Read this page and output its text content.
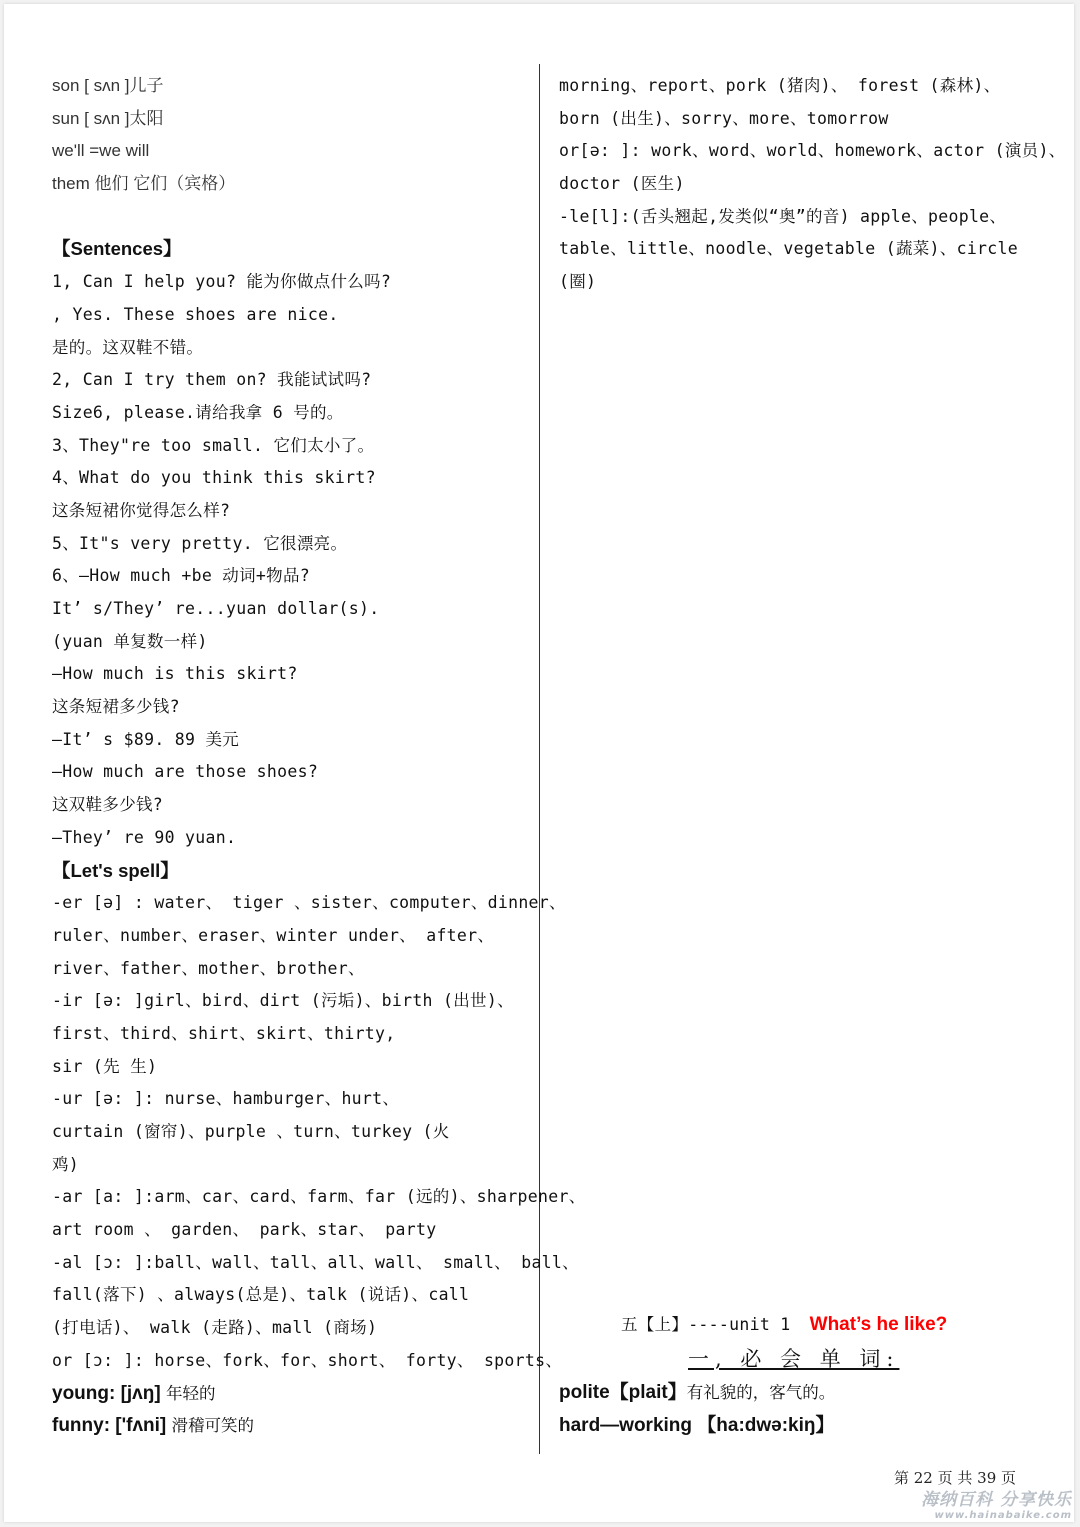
son [ sʌn ]儿子
sun [ sʌn ]太阳
we'll =we will
them 他们 它们（宾格）
【Sentences】
1, Can I help you? 能为你做点什么吗?
, Yes. These shoes are nice.
是的。这双鞋不错。
2, Can I try them on? 我能试试吗?
Size6, please.请给我拿 6 号的。
3、They"re too small. 它们太小了。
4、What do you think this skirt?
这条短裙你觉得怎么样?
5、It"s very pretty. 它很漂亮。
6、—How much +be 动词+物品?
It’ s/They’ re...yuan dollar(s).
(yuan 单复数一样)
—How much is this skirt?
这条短裙多少钱?
—It’ s $89. 89 美元
—How much are those shoes?
这双鞋多少钱?
—They’ re 90 yuan.
【Let's spell】
-er [ə] : water、 tiger 、sister、computer、dinner、
ruler、number、eraser、winter under、 after、
river、father、mother、brother、
-ir [ə: ]girl、bird、dirt (污垢)、birth (出世)、
first、third、shirt、skirt、thirty,
sir (先 生)
-ur [ə: ]: nurse、hamburger、hurt、
curtain (窗帘)、purple 、turn、turkey (火
鸡)
-ar [a: ]:arm、car、card、farm、far (远的)、sharpener、
art room 、 garden、 park、star、 party
-al [ɔ: ]:ball、wall、tall、all、wall、 small、 ball、
fall(落下) 、always(总是)、talk (说话)、call
(打电话)、 walk (走路)、mall (商场)
or [ɔ: ]: horse、fork、for、short、 forty、 sports、
young: [jʌŋ] 年轻的
funny: ['fʌni] 滑稽可笑的
morning、report、pork (猪肉)、 forest (森林)、
born (出生)、sorry、more、tomorrow
or[ə: ]: work、word、world、homework、actor (演员)、
doctor (医生)
-le[l]:(舌头翘起,发类似“奥”的音) apple、people、
table、little、noodle、vegetable (蔬菜)、circle
(圈)
五【上】----unit 1 What’s he like?
一, 必 会 单 词:
polite【plait】有礼貌的，客气的。
hard—working 【ha:dwə:kiŋ】
第 22 页 共 39 页
海纳百科 分享快乐
www.hainabaike.com
